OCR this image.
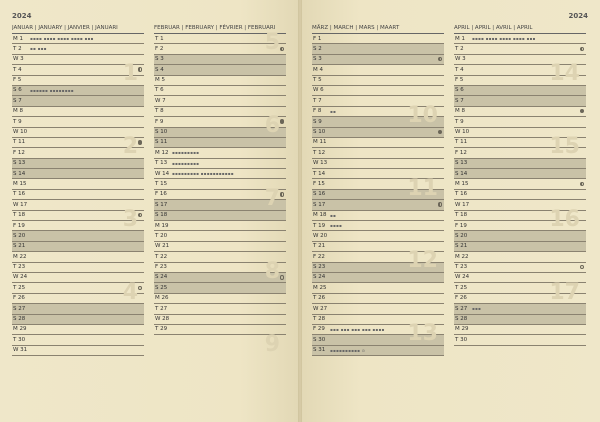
2024
JANUAR | JANUARY | JANVIER | JANUARI
M 1 ▪▪▪▪ ▪▪▪▪ ▪▪▪▪ ▪▪▪▪ ▪▪▪
T 2 ▪▪ ▪▪▪
W 3
T 4
F 5
S 6 ▪▪▪▪▪▪ ▪▪▪▪▪▪▪▪
S 7
M 8
T 9
W 10
T 11
F 12
S 13
S 14
M 15
T 16
W 17
T 18
F 19
S 20
S 21
M 22
T 23
W 24
T 25
F 26
S 27
S 28
M 29
T 30
W 31
1
2
3
4
FEBRUAR | FEBRUARY | FÉVRIER | FEBRUARI
T 1
F 2
S 3
S 4
M 5
T 6
W 7
T 8
F 9
S 10
S 11
M 12 ▪▪▪▪▪▪▪▪▪
T 13 ▪▪▪▪▪▪▪▪▪
W 14 ▪▪▪▪▪▪▪▪▪ ▪▪▪▪▪▪▪▪▪▪▪
T 15
F 16
S 17
S 18
M 19
T 20
W 21
T 22
F 23
S 24
S 25
M 26
T 27
W 28
T 29
5
6
7
8
9
2024
MÄRZ | MARCH | MARS | MAART
F 1
S 2
S 3
M 4
T 5
W 6
T 7
F 8 ▪▪
S 9
S 10
M 11
T 12
W 13
T 14
F 15
S 16
S 17
M 18 ▪▪
T 19 ▪▪▪▪
W 20
T 21
F 22
S 23
S 24
M 25
T 26
W 27
T 28
F 29 ▪▪▪ ▪▪▪ ▪▪▪ ▪▪▪ ▪▪▪▪
S 30
S 31 ▪▪▪▪▪▪▪▪▪▪ ⊙
10
11
12
13
APRIL | APRIL | AVRIL | APRIL
M 1 ▪▪▪▪ ▪▪▪▪ ▪▪▪▪ ▪▪▪▪ ▪▪▪
T 2
W 3
T 4
F 5
S 6
S 7
M 8
T 9
W 10
T 11
F 12
S 13
S 14
M 15
T 16
W 17
T 18
F 19
S 20
S 21
M 22
T 23
W 24
T 25
F 26
S 27 ▪▪▪
S 28
M 29
T 30
14
15
16
17
